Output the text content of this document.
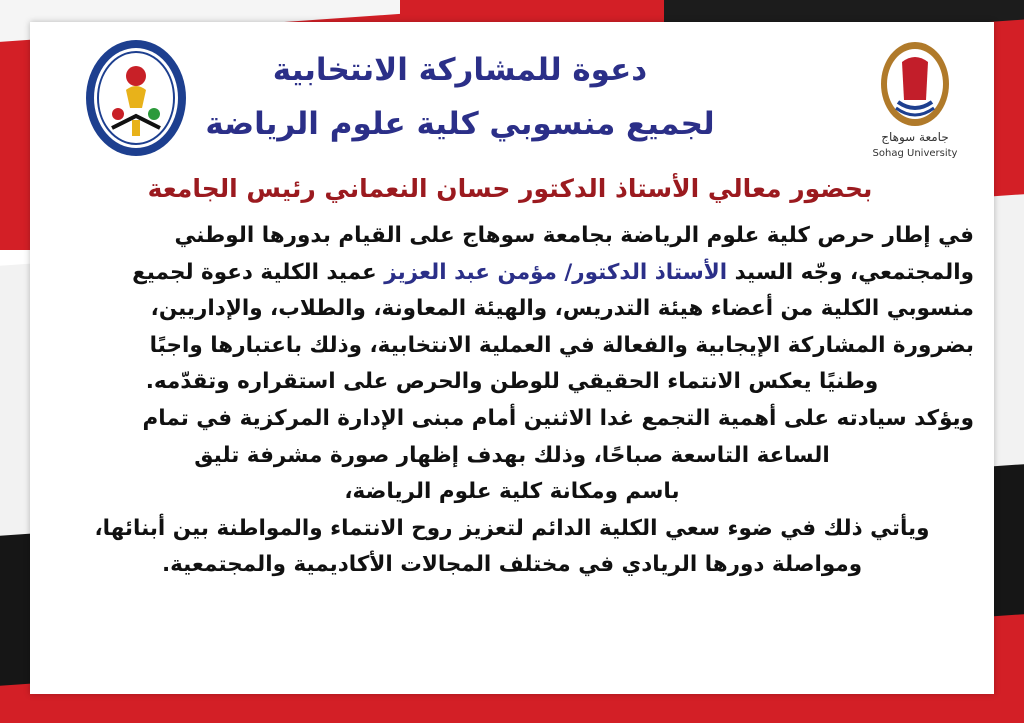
دعوة للمشاركة الانتخابية
لجميع منسوبي كلية علوم الرياضة	جامعة سوهاج
Sohag University
بحضور معالي الأستاذ الدكتور حسان النعماني رئيس الجامعة
في إطار حرص كلية علوم الرياضة بجامعة سوهاج على القيام بدورها الوطني
والمجتمعي، وجّه السيد الأستاذ الدكتور/ مؤمن عبد العزيز عميد الكلية دعوة لجميع
منسوبي الكلية من أعضاء هيئة التدريس، والهيئة المعاونة، والطلاب، والإداريين،
بضرورة المشاركة الإيجابية والفعالة في العملية الانتخابية، وذلك باعتبارها واجبًا
وطنيًا يعكس الانتماء الحقيقي للوطن والحرص على استقراره وتقدّمه.
ويؤكد سيادته على أهمية التجمع غدا الاثنين أمام مبنى الإدارة المركزية في تمام
الساعة التاسعة صباحًا، وذلك بهدف إظهار صورة مشرفة تليق
باسم ومكانة كلية علوم الرياضة،
ويأتي ذلك في ضوء سعي الكلية الدائم لتعزيز روح الانتماء والمواطنة بين أبنائها،
ومواصلة دورها الريادي في مختلف المجالات الأكاديمية والمجتمعية.
